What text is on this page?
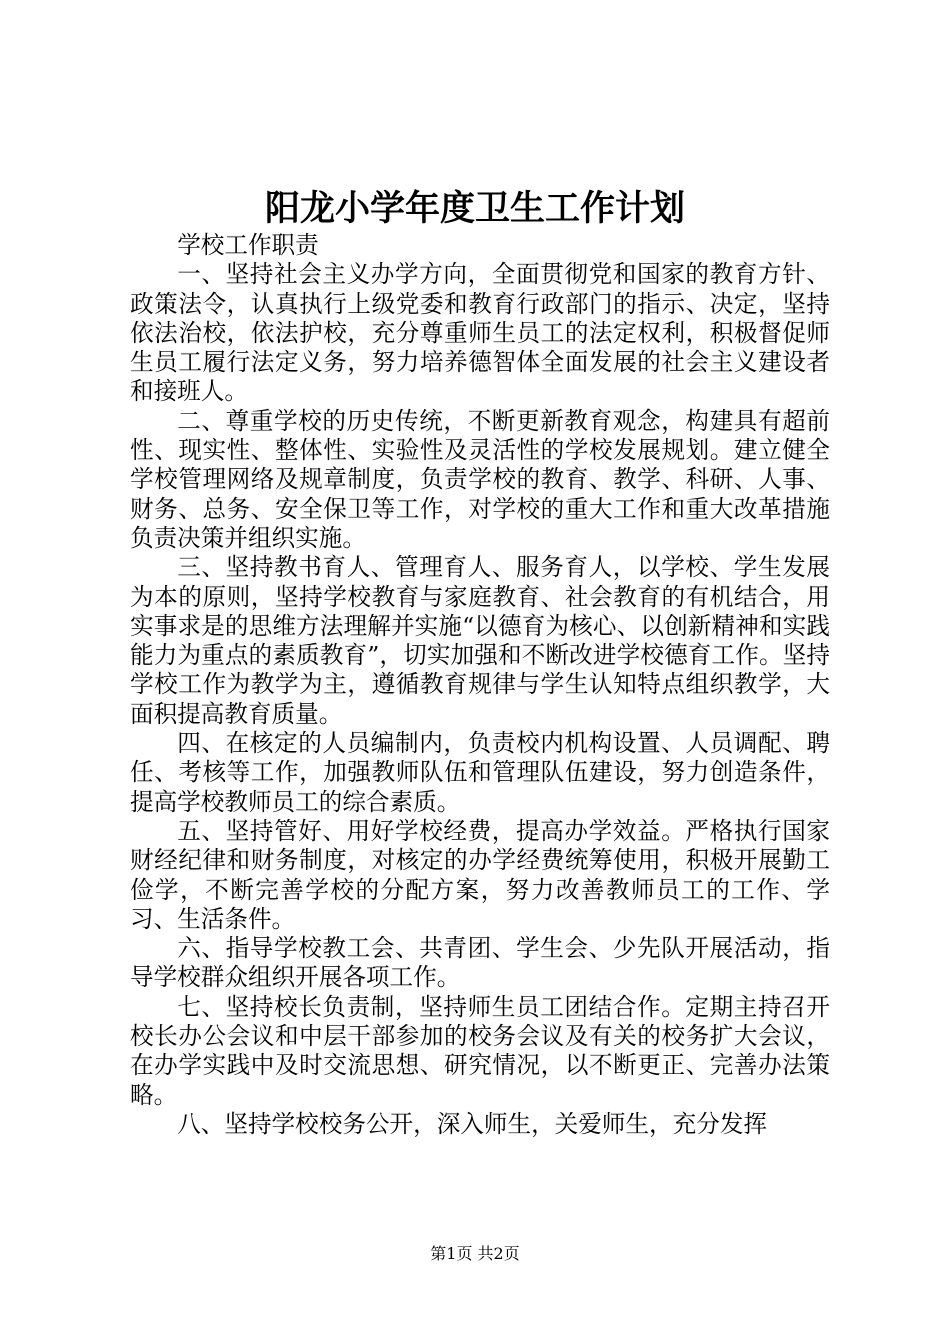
阳龙小学年度卫生工作计划

学校工作职责

一、坚持社会主义办学方向，全面贯彻党和国家的教育方针、政策法令，认真执行上级党委和教育行政部门的指示、决定，坚持依法治校，依法护校，充分尊重师生员工的法定权利，积极督促师生员工履行法定义务，努力培养德智体全面发展的社会主义建设者和接班人。

二、尊重学校的历史传统，不断更新教育观念，构建具有超前性、现实性、整体性、实验性及灵活性的学校发展规划。建立健全学校管理网络及规章制度，负责学校的教育、教学、科研、人事、财务、总务、安全保卫等工作，对学校的重大工作和重大改革措施负责决策并组织实施。

三、坚持教书育人、管理育人、服务育人，以学校、学生发展为本的原则，坚持学校教育与家庭教育、社会教育的有机结合，用实事求是的思维方法理解并实施“以德育为核心、以创新精神和实践能力为重点的素质教育”，切实加强和不断改进学校德育工作。坚持学校工作为教学为主，遵循教育规律与学生认知特点组织教学，大面积提高教育质量。

四、在核定的人员编制内，负责校内机构设置、人员调配、聘任、考核等工作，加强教师队伍和管理队伍建设，努力创造条件，提高学校教师员工的综合素质。

五、坚持管好、用好学校经费，提高办学效益。严格执行国家财经纪律和财务制度，对核定的办学经费统筹使用，积极开展勤工俭学，不断完善学校的分配方案，努力改善教师员工的工作、学习、生活条件。

六、指导学校教工会、共青团、学生会、少先队开展活动，指导学校群众组织开展各项工作。

七、坚持校长负责制，坚持师生员工团结合作。定期主持召开校长办公会议和中层干部参加的校务会议及有关的校务扩大会议，在办学实践中及时交流思想、研究情况，以不断更正、完善办法策略。

八、坚持学校校务公开，深入师生，关爱师生，充分发挥

第1页 共2页
